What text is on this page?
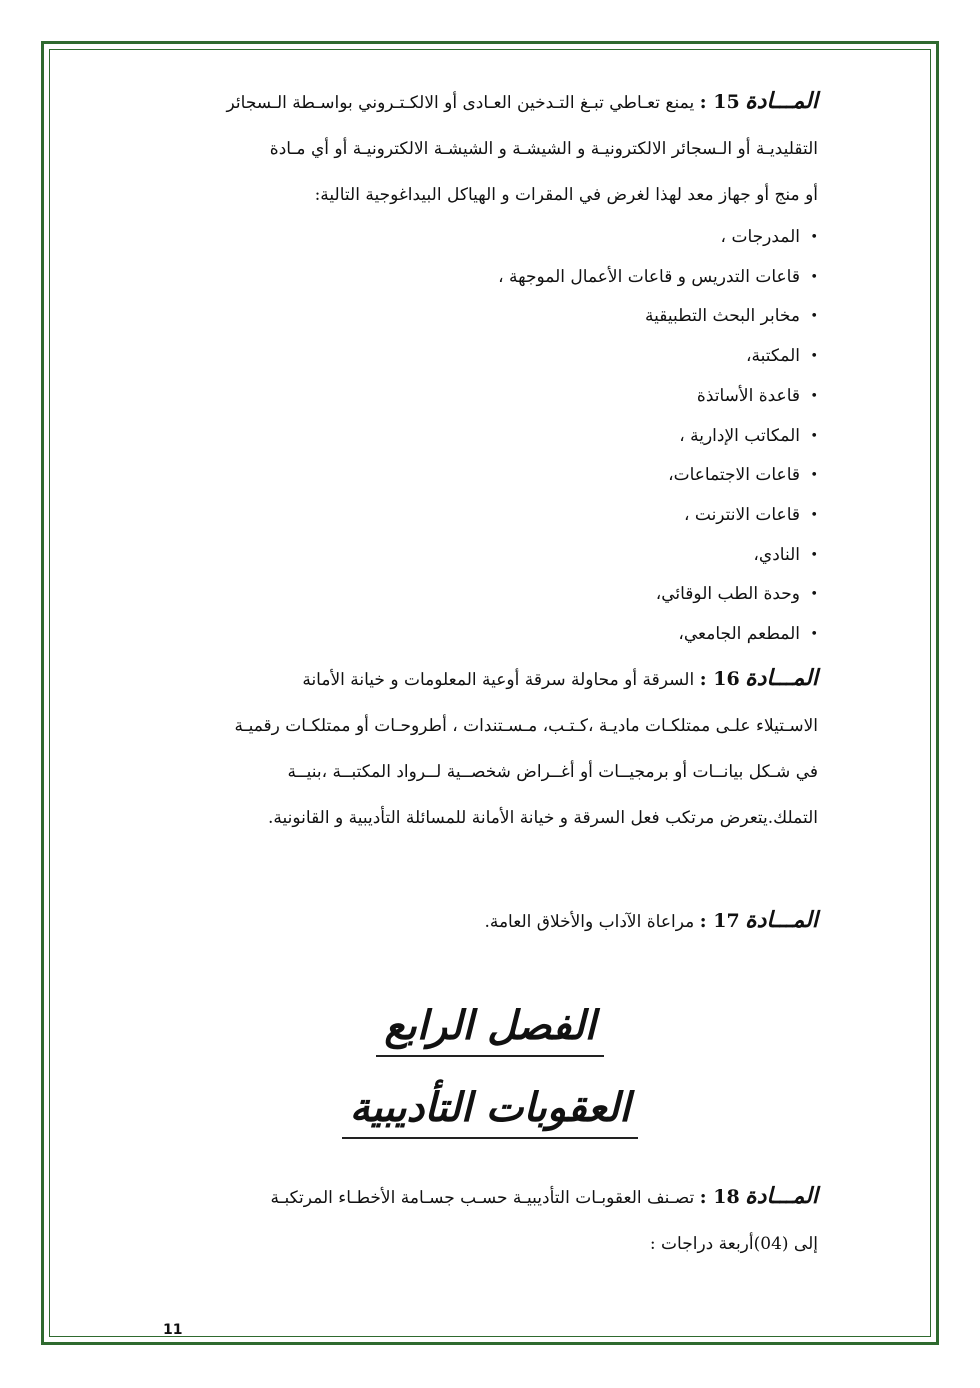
المـــادة 15 : يمنع تعـاطي تبـغ التـدخين العـادى أو الالكـتـروني بواسـطة الـسجائر

التقليديـة أو الـسجائر الالكترونيـة و الشيشـة و الشيشـة الالكترونيـة أو أي مـادة

أو منج أو جهاز معد لهذا لغرض في المقرات و الهياكل البيداغوجية التالية:

• المدرجات ،
• قاعات التدريس و قاعات الأعمال الموجهة ،
• مخابر البحث التطبيقية
• المكتبة،
• قاعدة الأساتذة
• المكاتب الإدارية ،
• قاعات الاجتماعات،
• قاعات الانترنت ،
• النادي،
• وحدة الطب الوقائي،
• المطعم الجامعي،

المـــادة 16 : السرقة أو محاولة سرقة أوعية المعلومات و خيانة الأمانة

الاسـتيلاء علـى ممتلكـات ماديـة ،كـتـب، مـسـتندات ، أطروحـات أو ممتلكـات رقميـة

في شـكل بيانــات أو برمجيــات أو أغــراض شخصــية لــرواد المكتبــة ،بنيــة

التملك.يتعرض مرتكب فعل السرقة و خيانة الأمانة للمسائلة التأديبية و القانونية.

المـــادة 17 : مراعاة الآداب والأخلاق العامة.

الفصل الرابع
العقوبات التأديبية

المـــادة 18 : تصـنف العقوبـات التأديبيـة حسـب جسـامة الأخطـاء المرتكبـة

إلى (04)أربعة دراجات :

11
